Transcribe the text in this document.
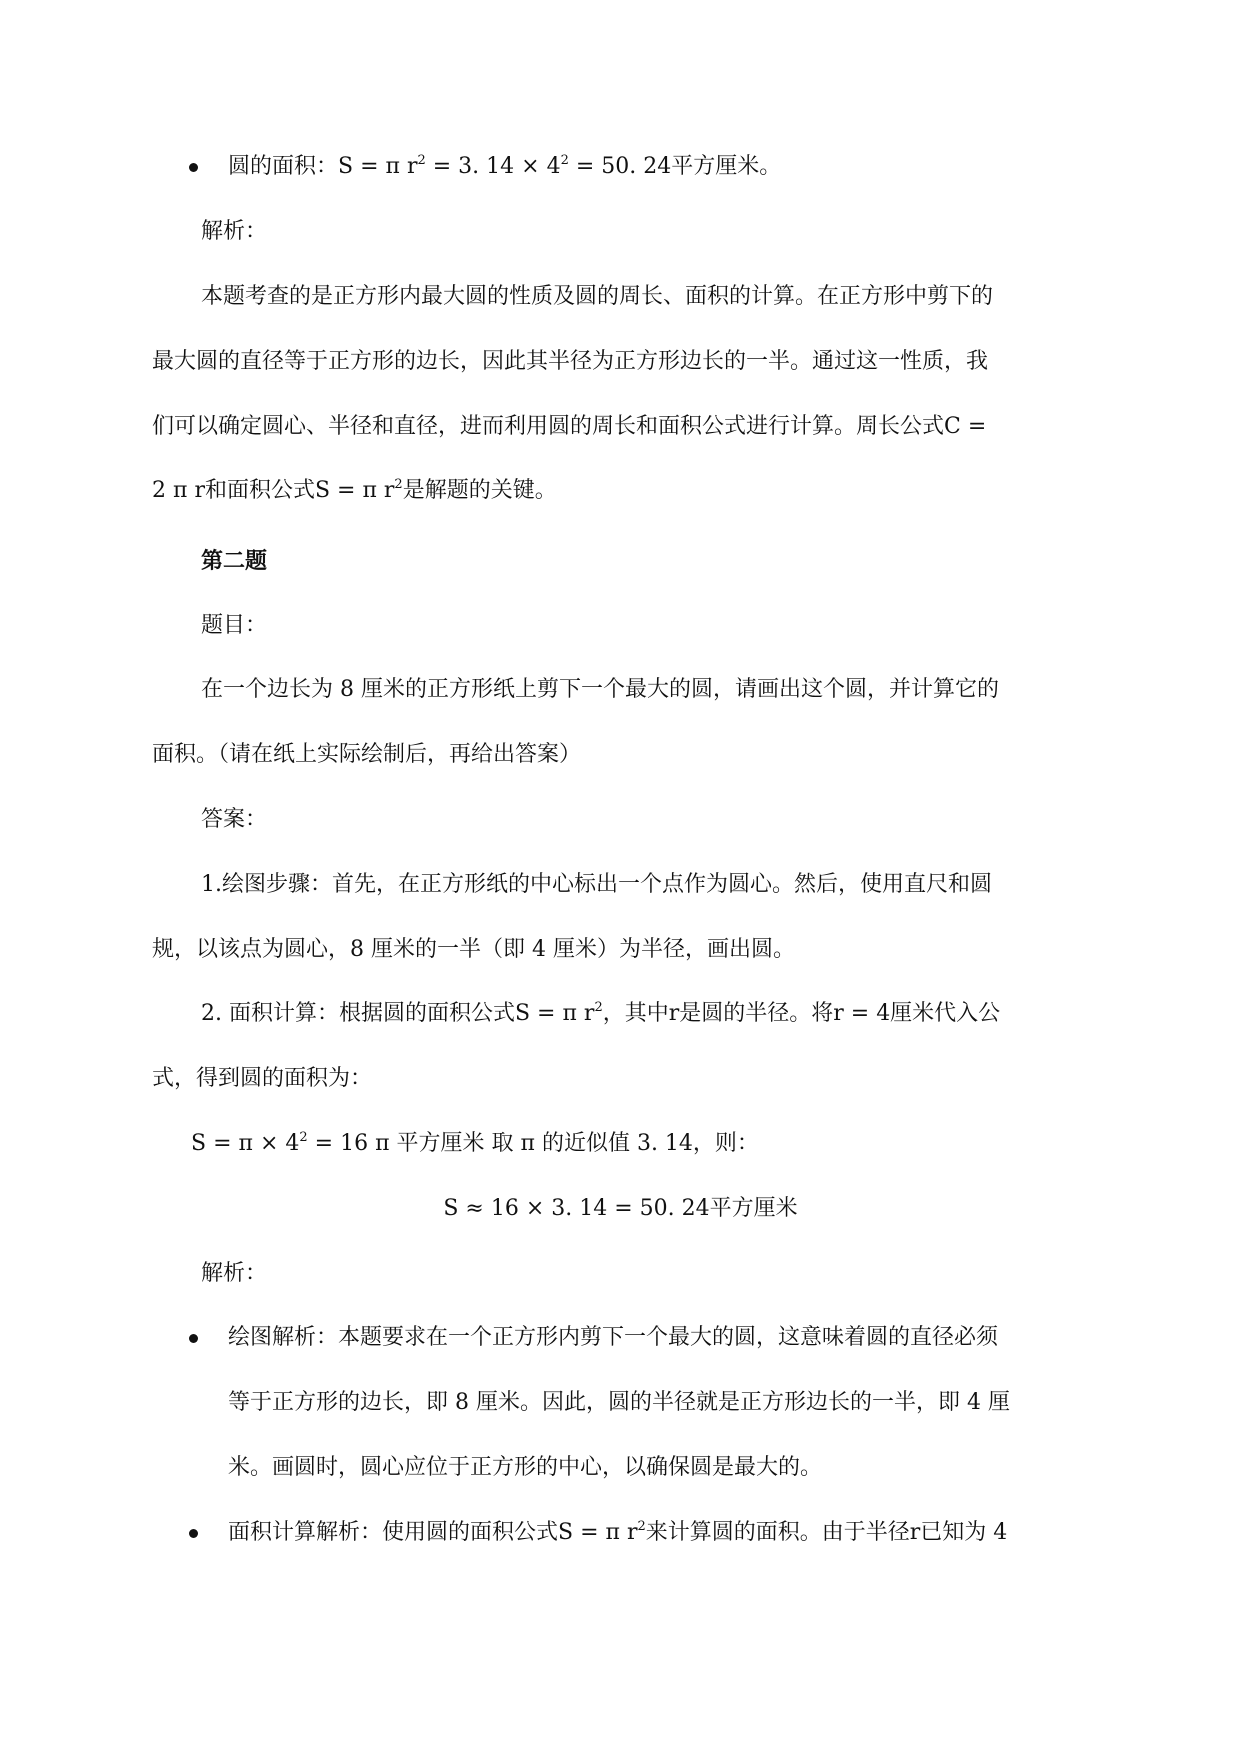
圆的面积：S = π $r^2 = 3$. $14 \times 4^2 = 50$. 24平方厘米。
解析：
本题考查的是正方形内最大圆的性质及圆的周长、面积的计算。在正方形中剪下的
最大圆的直径等于正方形的边长，因此其半径为正方形边长的一半。通过这一性质，我
们可以确定圆心、半径和直径，进而利用圆的周长和面积公式进行计算。周长公式C =
2 π r和面积公式S = π $r^2$是解题的关键。
第二题
题目：
在一个边长为 8 厘米的正方形纸上剪下一个最大的圆，请画出这个圆，并计算它的
面积。（请在纸上实际绘制后，再给出答案）
答案：
1.绘图步骤：首先，在正方形纸的中心标出一个点作为圆心。然后，使用直尺和圆
规，以该点为圆心，8 厘米的一半（即 4 厘米）为半径，画出圆。
2. 面积计算：根据圆的面积公式S = π $r^2$，其中r是圆的半径。将r = 4厘米代入公
式，得到圆的面积为：
$S = \pi \times 4^2 = 16$ π 平方厘米 取 π 的近似值 3. 14，则：
S ≈ 16 × 3. 14 = 50. 24平方厘米
解析：
绘图解析：本题要求在一个正方形内剪下一个最大的圆，这意味着圆的直径必须
等于正方形的边长，即 8 厘米。因此，圆的半径就是正方形边长的一半，即 4 厘
米。画圆时，圆心应位于正方形的中心，以确保圆是最大的。
面积计算解析：使用圆的面积公式S = π $r^2$来计算圆的面积。由于半径r已知为 4
